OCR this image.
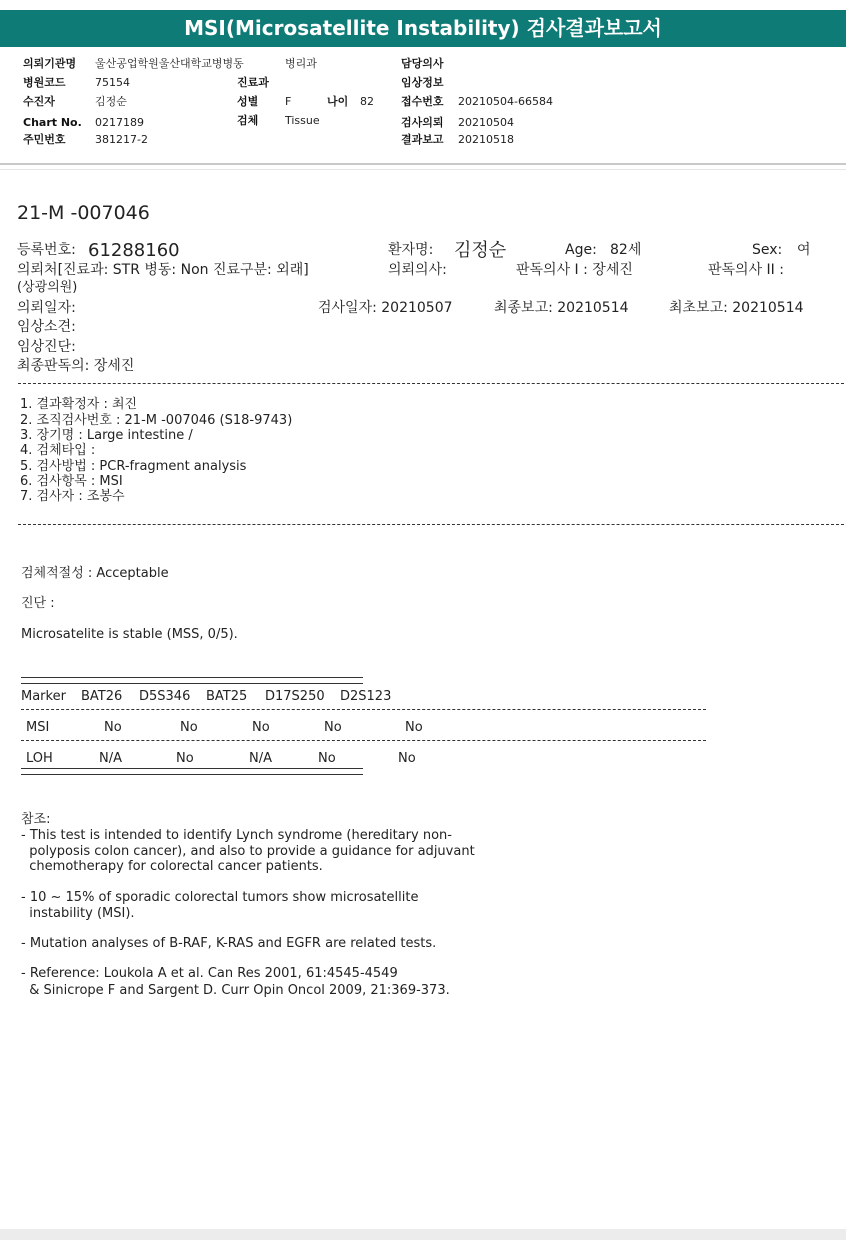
MSI(Microsatellite Instability) 검사결과보고서
의뢰기관명 울산공업학원울산대학교병병동	병리과	담당의사
병원코드	75154	진료과	임상정보
수진자	김정순	성별 F	나이 82 접수번호 20210504-66584
Chart No. 0217189	검체 Tissue	검사의뢰 20210504
주민번호	381217-2	결과보고 20210518
21-M -007046
등록번호: 61288160	환자명: 김정순	Age: 82세	Sex: 여
의뢰처[진료과: STR 병동: Non 진료구분: 외래]	의뢰의사:	판독의사 I : 장세진	판독의사 II :
(상광의원)
의뢰일자:	검사일자: 20210507	최종보고: 20210514	최초보고: 20210514
임상소견:
임상진단:
최종판독의: 장세진
1. 결과확정자 : 최진
2. 조직검사번호 : 21-M -007046 (S18-9743)
3. 장기명 : Large intestine /
4. 검체타입 :
5. 검사방법 : PCR-fragment analysis
6. 검사항목 : MSI
7. 검사자 : 조봉수
검체적절성 : Acceptable
진단 :
Microsatelite is stable (MSS, 0/5).
Marker BAT26 D5S346 BAT25 D17S250 D2S123
MSI	No	No	No	No	No
LOH	N/A	No	N/A	No	No
참조:
- This test is intended to identify Lynch syndrome (hereditary non-
polyposis colon cancer), and also to provide a guidance for adjuvant
chemotherapy for colorectal cancer patients.
- 10 ~ 15% of sporadic colorectal tumors show microsatellite
instability (MSI).
- Mutation analyses of B-RAF, K-RAS and EGFR are related tests.
- Reference: Loukola A et al. Can Res 2001, 61:4545-4549
& Sinicrope F and Sargent D. Curr Opin Oncol 2009, 21:369-373.
